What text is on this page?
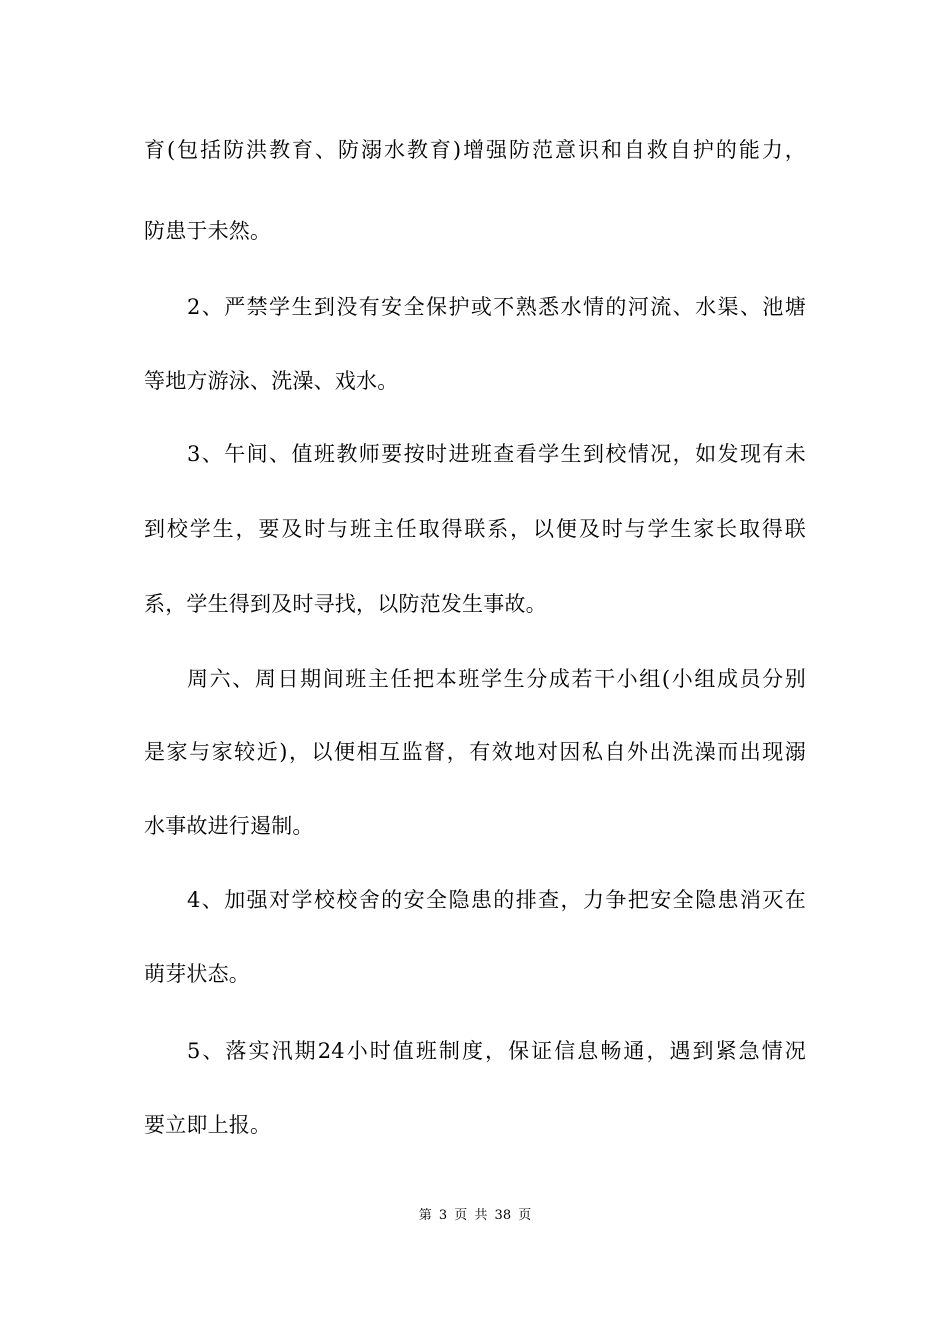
育(包括防洪教育、防溺水教育)增强防范意识和自救自护的能力，
防患于未然。
2、严禁学生到没有安全保护或不熟悉水情的河流、水渠、池塘
等地方游泳、洗澡、戏水。
3、午间、值班教师要按时进班查看学生到校情况，如发现有未
到校学生，要及时与班主任取得联系，以便及时与学生家长取得联
系，学生得到及时寻找，以防范发生事故。
周六、周日期间班主任把本班学生分成若干小组(小组成员分别
是家与家较近)，以便相互监督，有效地对因私自外出洗澡而出现溺
水事故进行遏制。
4、加强对学校校舍的安全隐患的排查，力争把安全隐患消灭在
萌芽状态。
5、落实汛期24小时值班制度，保证信息畅通，遇到紧急情况
要立即上报。
第 3 页 共 38 页
